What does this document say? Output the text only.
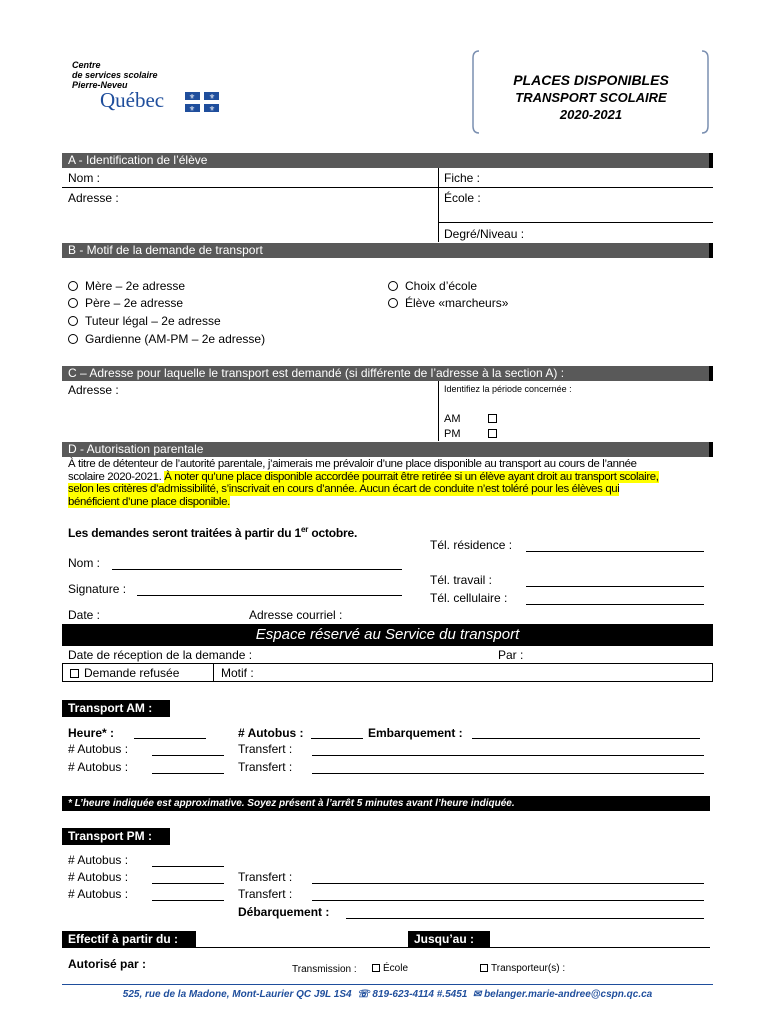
Centre
de services scolaire
Pierre-Neveu
Québec	⚜ ⚜
⚜ ⚜
PLACES DISPONIBLES
TRANSPORT SCOLAIRE
2020-2021
A - Identification de l’élève
Nom :	Fiche :
Adresse :	École :
Degré/Niveau :
B - Motif de la demande de transport
Mère – 2e adresse
Père – 2e adresse
Tuteur légal – 2e adresse
Gardienne (AM-PM – 2e adresse)
Choix d’école
Élève «marcheurs»
C – Adresse pour laquelle le transport est demandé (si différente de l’adresse à la section A) :
Adresse :	Identifiez la période concernée :
AM
PM
D - Autorisation parentale
À titre de détenteur de l’autorité parentale, j’aimerais me prévaloir d’une place disponible au transport au cours de l’année
scolaire 2020-2021. À noter qu’une place disponible accordée pourrait être retirée si un élève ayant droit au transport scolaire,
selon les critères d’admissibilité, s’inscrivait en cours d’année. Aucun écart de conduite n’est toléré pour les élèves qui
bénéficient d’une place disponible.
Les demandes seront traitées à partir du 1er octobre.
Tél. résidence :
Nom :
Tél. travail :
Signature :
Tél. cellulaire :
Date :	Adresse courriel :
Espace réservé au Service du transport
Date de réception de la demande :	Par :
Demande refusée	Motif :
Transport AM :
Heure* :	# Autobus :	Embarquement :
# Autobus :	Transfert :
# Autobus :	Transfert :
* L’heure indiquée est approximative. Soyez présent à l’arrêt 5 minutes avant l’heure indiquée.
Transport PM :
# Autobus :
# Autobus :	Transfert :
# Autobus :	Transfert :
Débarquement :
Effectif à partir du :	Jusqu’au :
Autorisé par :	Transmission :	École	Transporteur(s) :
525, rue de la Madone, Mont-Laurier QC J9L 1S4 ☏ 819-623-4114 #.5451 ✉ belanger.marie-andree@cspn.qc.ca
